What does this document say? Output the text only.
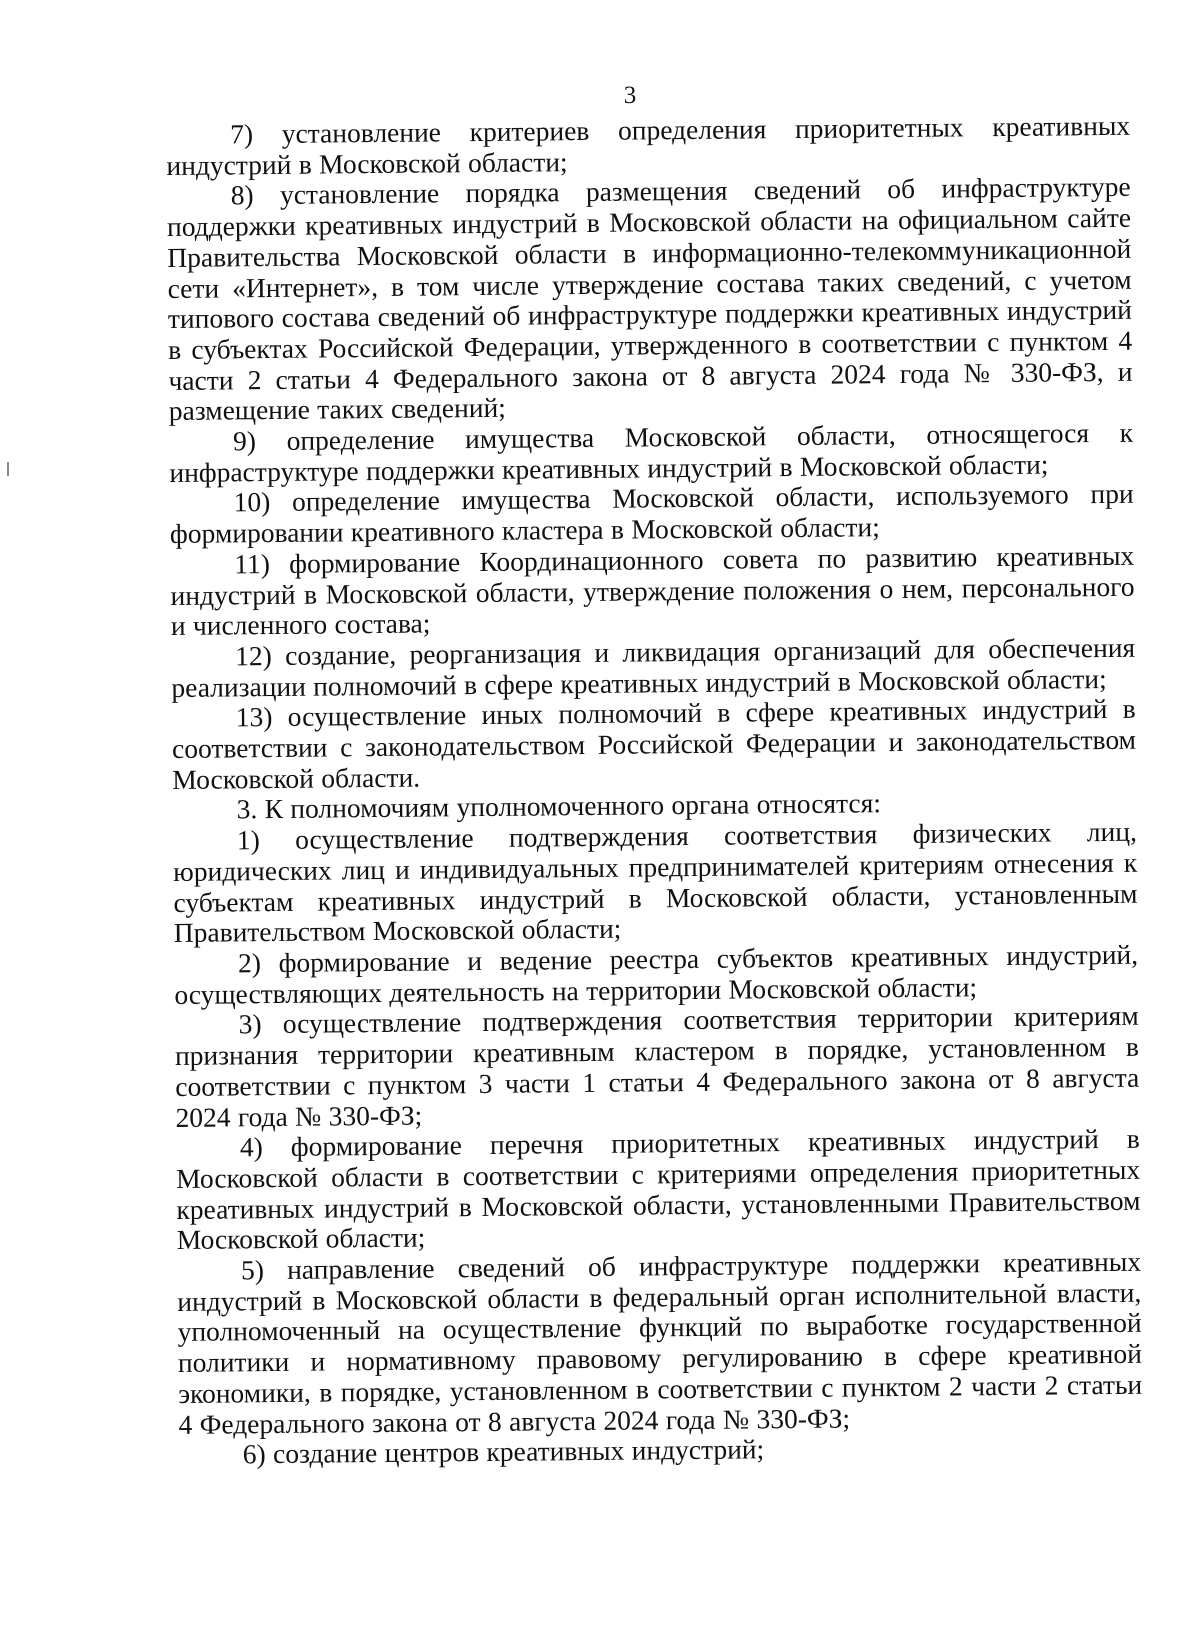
3

7) установление критериев определения приоритетных креативных индустрий в Московской области;

8) установление порядка размещения сведений об инфраструктуре поддержки креативных индустрий в Московской области на официальном сайте Правительства Московской области в информационно-телекоммуникационной сети «Интернет», в том числе утверждение состава таких сведений, с учетом типового состава сведений об инфраструктуре поддержки креативных индустрий в субъектах Российской Федерации, утвержденного в соответствии с пунктом 4 части 2 статьи 4 Федерального закона от 8 августа 2024 года № 330-ФЗ, и размещение таких сведений;

9) определение имущества Московской области, относящегося к инфраструктуре поддержки креативных индустрий в Московской области;

10) определение имущества Московской области, используемого при формировании креативного кластера в Московской области;

11) формирование Координационного совета по развитию креативных индустрий в Московской области, утверждение положения о нем, персонального и численного состава;

12) создание, реорганизация и ликвидация организаций для обеспечения реализации полномочий в сфере креативных индустрий в Московской области;

13) осуществление иных полномочий в сфере креативных индустрий в соответствии с законодательством Российской Федерации и законодательством Московской области.

3. К полномочиям уполномоченного органа относятся:

1) осуществление подтверждения соответствия физических лиц, юридических лиц и индивидуальных предпринимателей критериям отнесения к субъектам креативных индустрий в Московской области, установленным Правительством Московской области;

2) формирование и ведение реестра субъектов креативных индустрий, осуществляющих деятельность на территории Московской области;

3) осуществление подтверждения соответствия территории критериям признания территории креативным кластером в порядке, установленном в соответствии с пунктом 3 части 1 статьи 4 Федерального закона от 8 августа 2024 года № 330-ФЗ;

4) формирование перечня приоритетных креативных индустрий в Московской области в соответствии с критериями определения приоритетных креативных индустрий в Московской области, установленными Правительством Московской области;

5) направление сведений об инфраструктуре поддержки креативных индустрий в Московской области в федеральный орган исполнительной власти, уполномоченный на осуществление функций по выработке государственной политики и нормативному правовому регулированию в сфере креативной экономики, в порядке, установленном в соответствии с пунктом 2 части 2 статьи 4 Федерального закона от 8 августа 2024 года № 330-ФЗ;

6) создание центров креативных индустрий;
